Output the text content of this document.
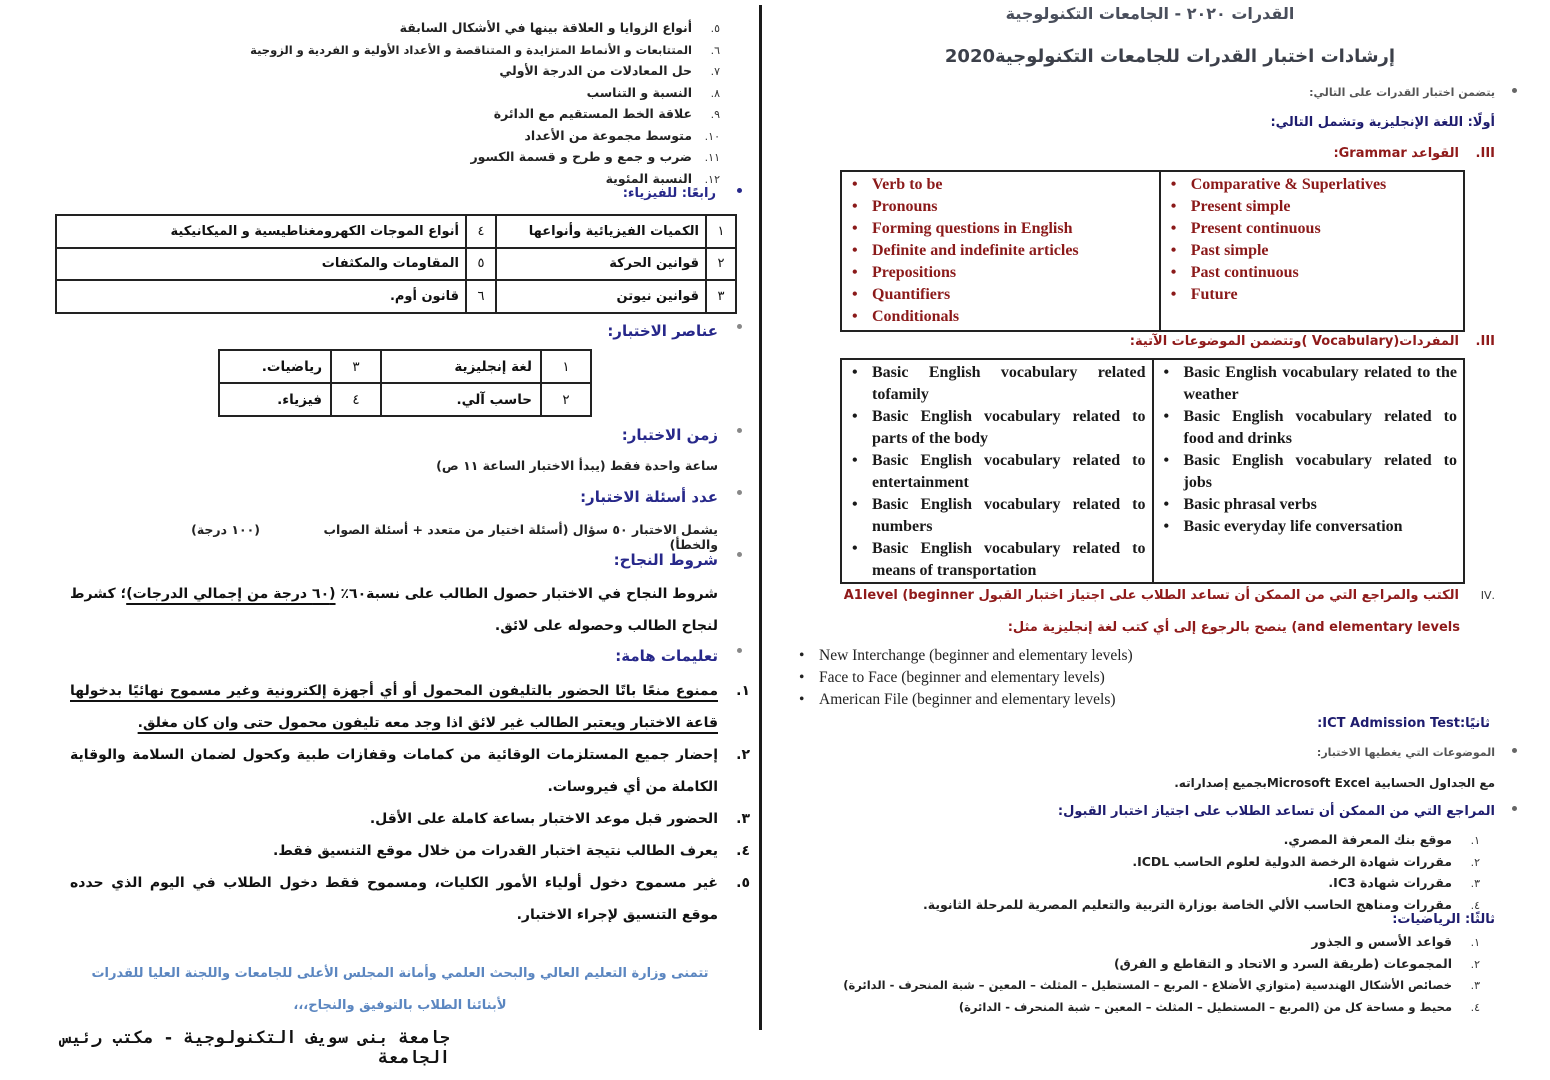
القدرات ٢٠٢٠ - الجامعات التكنولوجية
إرشادات اختبار القدرات للجامعات التكنولوجية2020
يتضمن اختبار القدرات على التالي:
أولًا: اللغة الإنجليزية وتشمل التالي:
III.القواعد Grammar:
• Verb to be
• Pronouns
• Forming questions in English
• Definite and indefinite articles
• Prepositions
• Quantifiers
• Conditionals

• Comparative & Superlatives
• Present simple
• Present continuous
• Past simple
• Past continuous
• Future
III.المفردات(Vocabulary )وتتضمن الموضوعات الآتية:
• Basic English vocabulary related tofamily
• Basic English vocabulary related to parts of the body
• Basic English vocabulary related to entertainment
• Basic English vocabulary related to numbers
• Basic English vocabulary related to means of transportation

• Basic English vocabulary related to the weather
• Basic English vocabulary related to food and drinks
• Basic English vocabulary related to jobs
• Basic phrasal verbs
• Basic everyday life conversation
.IVالكتب والمراجع التي من الممكن أن تساعد الطلاب على اجتياز اختبار القبول A1level (beginner
and elementary levels) ينصح بالرجوع إلى أي كتب لغة إنجليزية مثل:
• New Interchange (beginner and elementary levels)
• Face to Face (beginner and elementary levels)
• American File (beginner and elementary levels)
ثانيًا:ICT Admission Test:
الموضوعات التي يغطيها الاختبار:
مع الجداول الحسابية Microsoft Excelبجميع إصداراته.
المراجع التي من الممكن أن تساعد الطلاب على اجتياز اختبار القبول:
١.موقع بنك المعرفة المصري.
٢.مقررات شهادة الرخصة الدولية لعلوم الحاسب ICDL.
٣.مقررات شهادة IC3.
٤.مقررات ومناهج الحاسب الألي الخاصة بوزارة التربية والتعليم المصرية للمرحلة الثانوية.
ثالثًا: الرياضيات:
١.قواعد الأسس و الجذور
٢.المجموعات (طريقة السرد و الاتحاد و التقاطع و الفرق)
٣.خصائص الأشكال الهندسية (متوازي الأضلاع - المربع – المستطيل – المثلث – المعين – شبة المنحرف - الدائرة)
٤.محيط و مساحة كل من (المربع – المستطيل – المثلث – المعين – شبة المنحرف - الدائرة)
٥.أنواع الزوايا و العلاقة بينها في الأشكال السابقة
٦.المتتابعات و الأنماط المتزايدة و المتناقصة و الأعداد الأولية و الفردية و الزوجية
٧.حل المعادلات من الدرجة الأولي
٨.النسبة و التناسب
٩.علاقة الخط المستقيم مع الدائرة
١٠.متوسط مجموعة من الأعداد
١١.ضرب و جمع و طرح و قسمة الكسور
١٢.النسبة المئوية
رابعًا: للفيزياء:
١	الكميات الفيزيائية وأنواعها	٤	أنواع الموجات الكهرومغناطيسية و الميكانيكية
٢	قوانين الحركة	٥	المقاومات والمكثفات
٣	قوانين نيوتن	٦	قانون أوم.
عناصر الاختبار:
١	لغة إنجليزية	٣	رياضيات.
٢	حاسب آلي.	٤	فيزياء.
زمن الاختبار:
ساعة واحدة فقط (يبدأ الاختبار الساعة ١١ ص)
عدد أسئلة الاختبار:
يشمل الاختبار ٥٠ سؤال (أسئلة اختيار من متعدد + أسئلة الصواب والخطأ)
(١٠٠ درجة)
شروط النجاح:
شروط النجاح في الاختبار حصول الطالب على نسبة٦٠٪ (٦٠ درجة من إجمالي الدرجات)؛ كشرط لنجاح الطالب وحصوله على لائق.
تعليمات هامة:
١.
ممنوع منعًا باتًا الحضور بالتليفون المحمول أو أي أجهزة إلكترونية وغير مسموح نهائيًا بدخولها قاعة الاختبار ويعتبر الطالب غير لائق اذا وجد معه تليفون محمول حتى وان كان مغلق.
٢.
إحضار جميع المستلزمات الوقائية من كمامات وقفازات طبية وكحول لضمان السلامة والوقاية الكاملة من أي فيروسات.
٣.
الحضور قبل موعد الاختبار بساعة كاملة على الأقل.
٤.
يعرف الطالب نتيجة اختبار القدرات من خلال موقع التنسيق فقط.
٥.
غير مسموح دخول أولياء الأمور الكليات، ومسموح فقط دخول الطلاب في اليوم الذي حدده موقع التنسيق لإجراء الاختبار.
تتمنى وزارة التعليم العالي والبحث العلمي وأمانة المجلس الأعلى للجامعات واللجنة العليا للقدرات
لأبنائنا الطلاب بالتوفيق والنجاح،،،
جامعة بنى سويف التكنولوجية - مكتب رئيس الجامعة
